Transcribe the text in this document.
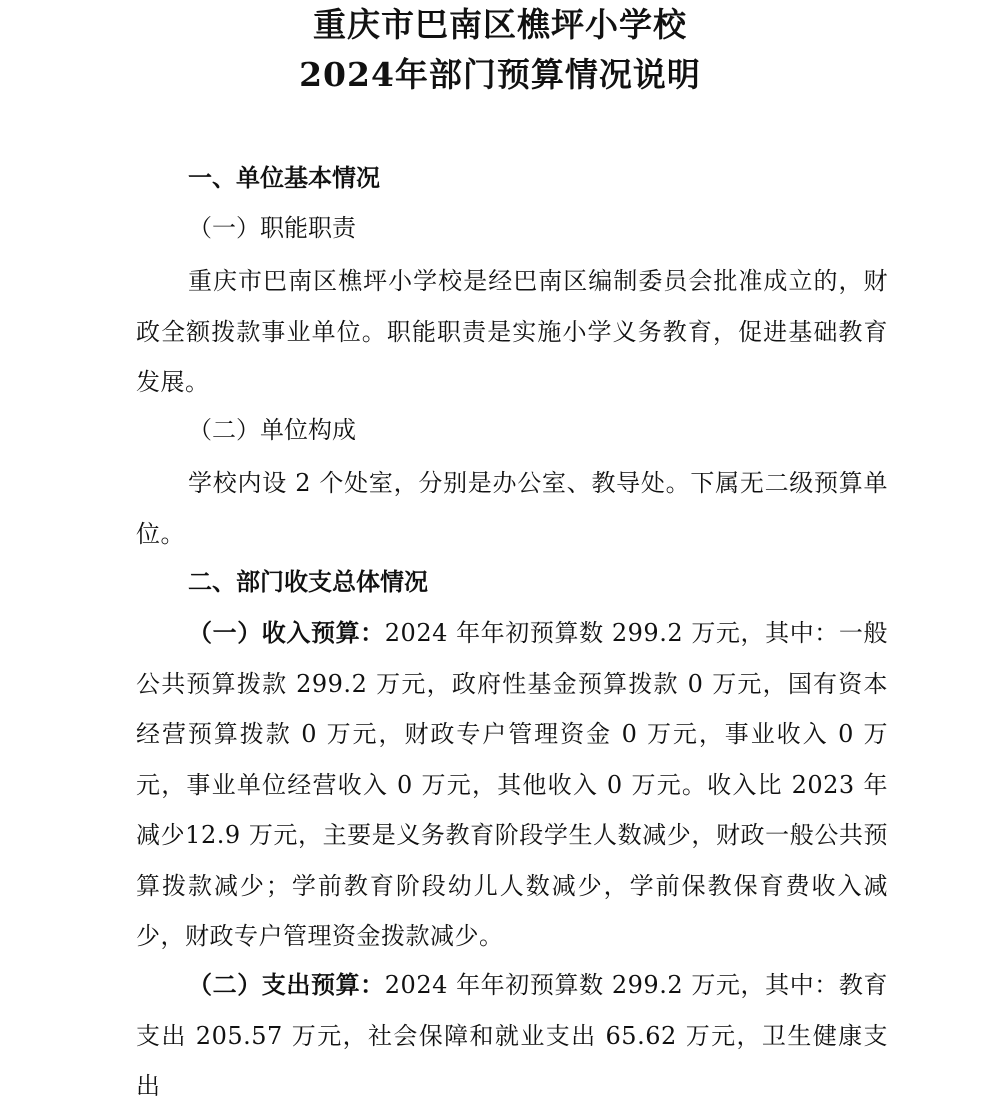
重庆市巴南区樵坪小学校
2024年部门预算情况说明
一、单位基本情况
（一）职能职责

重庆市巴南区樵坪小学校是经巴南区编制委员会批准成立的，财政全额拨款事业单位。职能职责是实施小学义务教育，促进基础教育发展。

（二）单位构成

学校内设 2 个处室，分别是办公室、教导处。下属无二级预算单位。

二、部门收支总体情况

（一）收入预算：2024 年年初预算数 299.2 万元，其中：一般公共预算拨款 299.2 万元，政府性基金预算拨款 0 万元，国有资本经营预算拨款 0 万元，财政专户管理资金 0 万元，事业收入 0 万元，事业单位经营收入 0 万元，其他收入 0 万元。收入比 2023 年减少12.9 万元，主要是义务教育阶段学生人数减少，财政一般公共预算拨款减少；学前教育阶段幼儿人数减少，学前保教保育费收入减少，财政专户管理资金拨款减少。

（二）支出预算：2024 年年初预算数 299.2 万元，其中：教育支出 205.57 万元，社会保障和就业支出 65.62 万元，卫生健康支出
